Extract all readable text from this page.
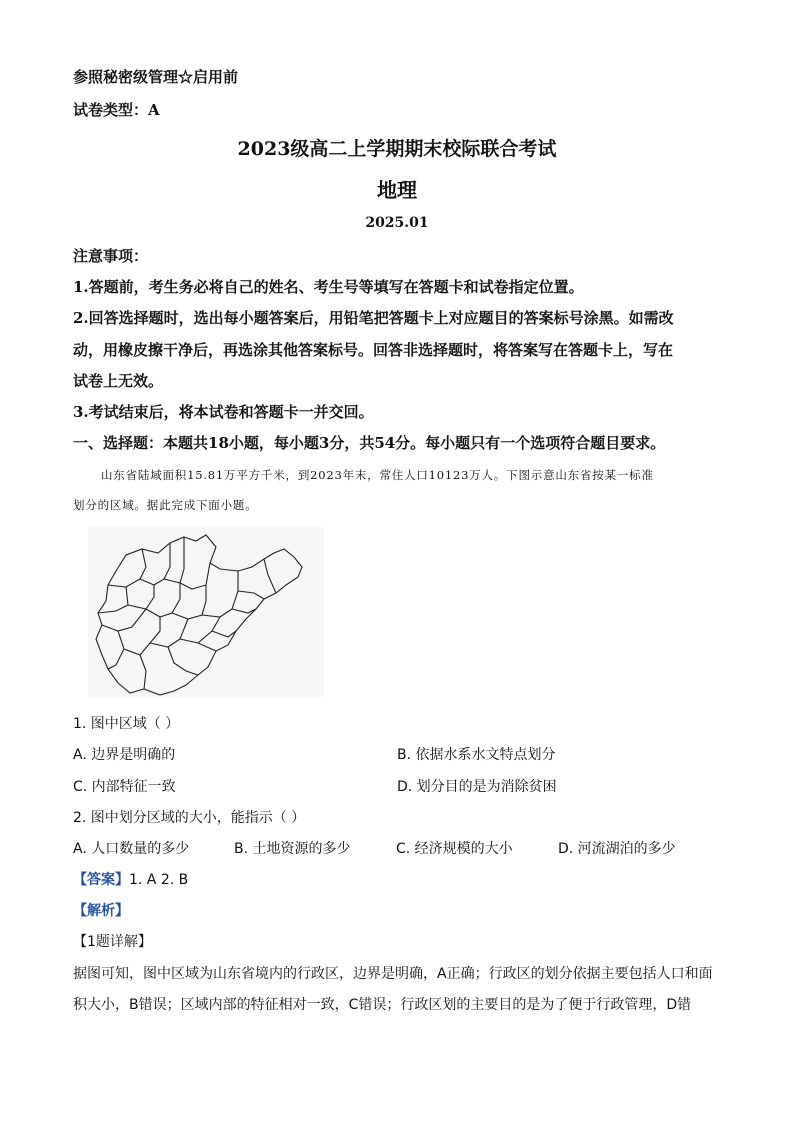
参照秘密级管理☆启用前
试卷类型：A
2023级高二上学期期末校际联合考试
地理
2025.01
注意事项：
1.答题前，考生务必将自己的姓名、考生号等填写在答题卡和试卷指定位置。
2.回答选择题时，选出每小题答案后，用铅笔把答题卡上对应题目的答案标号涂黑。如需改
动，用橡皮擦干净后，再选涂其他答案标号。回答非选择题时，将答案写在答题卡上，写在
试卷上无效。
3.考试结束后，将本试卷和答题卡一并交回。
一、选择题：本题共18小题，每小题3分，共54分。每小题只有一个选项符合题目要求。
山东省陆域面积15.81万平方千米，到2023年末，常住人口10123万人。下图示意山东省按某一标准
划分的区域。据此完成下面小题。
1. 图中区域（ ）
A. 边界是明确的	B. 依据水系水文特点划分
C. 内部特征一致	D. 划分目的是为消除贫困
2. 图中划分区域的大小，能指示（ ）
A. 人口数量的多少	B. 土地资源的多少	C. 经济规模的大小	D. 河流湖泊的多少
【答案】1. A 2. B
【解析】
【1题详解】
据图可知，图中区域为山东省境内的行政区，边界是明确，A正确；行政区的划分依据主要包括人口和面
积大小，B错误；区域内部的特征相对一致，C错误；行政区划的主要目的是为了便于行政管理，D错
